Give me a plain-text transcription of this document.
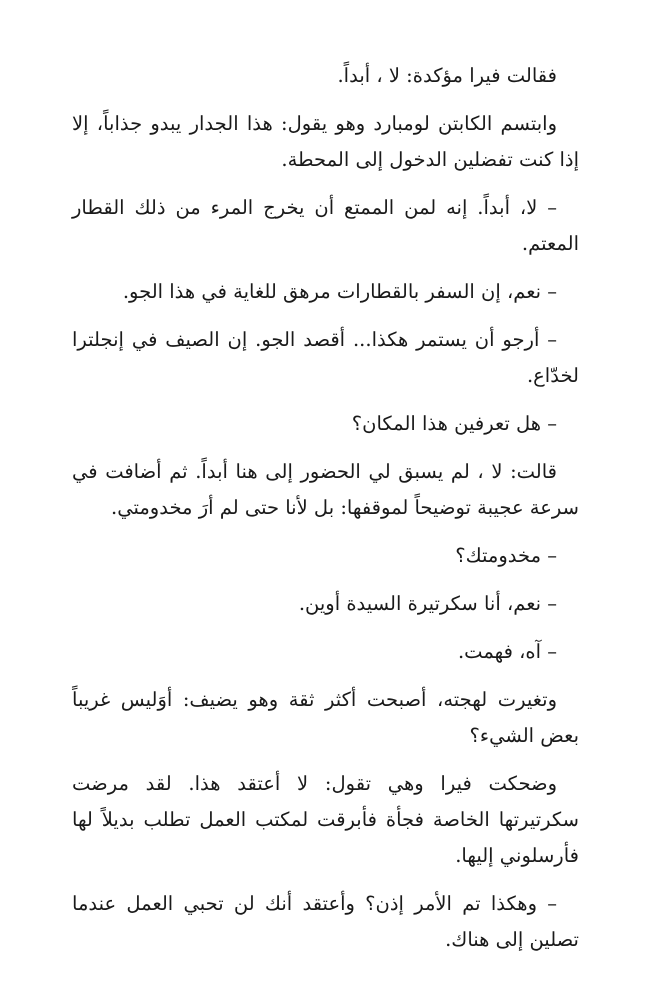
فقالت فيرا مؤكدة: لا ، أبداً.

وابتسم الكابتن لومبارد وهو يقول: هذا الجدار يبدو جذاباً، إلا إذا كنت تفضلين الدخول إلى المحطة.

– لا، أبداً. إنه لمن الممتع أن يخرج المرء من ذلك القطار المعتم.

– نعم، إن السفر بالقطارات مرهق للغاية في هذا الجو.

– أرجو أن يستمر هكذا... أقصد الجو. إن الصيف في إنجلترا لخدّاع.

– هل تعرفين هذا المكان؟

قالت: لا ، لم يسبق لي الحضور إلى هنا أبداً. ثم أضافت في سرعة عجيبة توضيحاً لموقفها: بل لأنا حتى لم أرَ مخدومتي.

– مخدومتك؟

– نعم، أنا سكرتيرة السيدة أوين.

– آه، فهمت.

وتغيرت لهجته، أصبحت أكثر ثقة وهو يضيف: أوَليس غريباً بعض الشيء؟

وضحكت فيرا وهي تقول: لا أعتقد هذا. لقد مرضت سكرتيرتها الخاصة فجأة فأبرقت لمكتب العمل تطلب بديلاً لها فأرسلوني إليها.

– وهكذا تم الأمر إذن؟ وأعتقد أنك لن تحبي العمل عندما تصلين إلى هناك.
